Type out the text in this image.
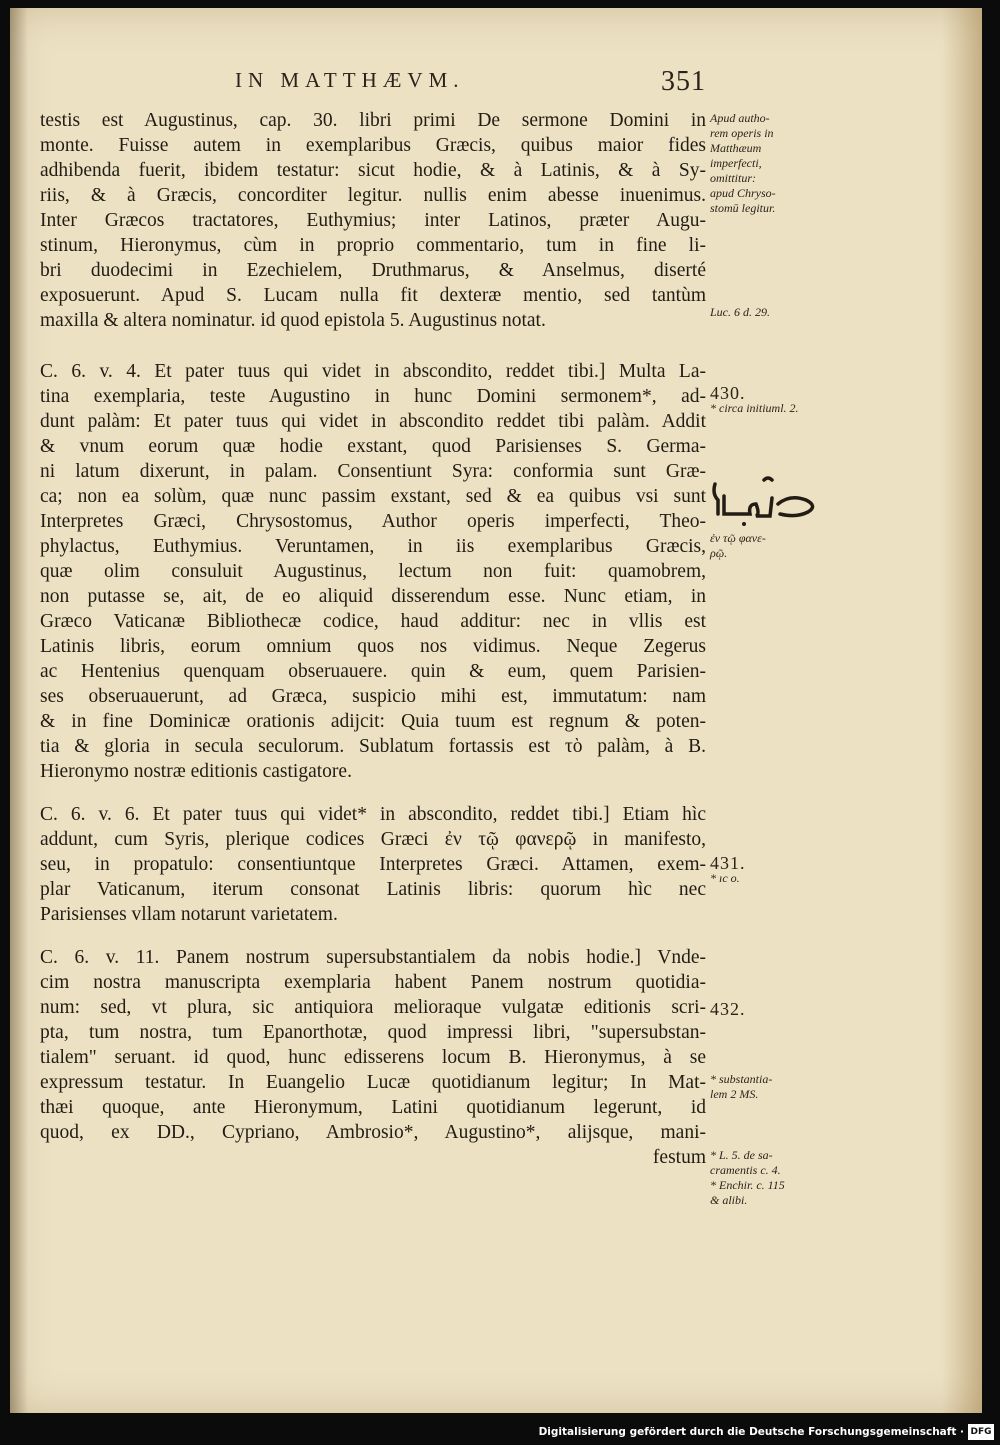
IN MATTHÆVM.	351
testis est Augustinus, cap. 30. libri primi De sermone Domini in
monte. Fuisse autem in exemplaribus Græcis, quibus maior fides
adhibenda fuerit, ibidem testatur: sicut hodie, & à Latinis, & à Sy-
riis, & à Græcis, concorditer legitur. nullis enim abesse inuenimus.
Inter Græcos tractatores, Euthymius; inter Latinos, præter Augu-
stinum, Hieronymus, cùm in proprio commentario, tum in fine li-
bri duodecimi in Ezechielem, Druthmarus, & Anselmus, diserté
exposuerunt. Apud S. Lucam nulla fit dexteræ mentio, sed tantùm
maxilla & altera nominatur. id quod epistola 5. Augustinus notat.
C. 6. v. 4. Et pater tuus qui videt in abscondito, reddet tibi.] Multa La-
tina exemplaria, teste Augustino in hunc Domini sermonem*, ad-
dunt palàm: Et pater tuus qui videt in abscondito reddet tibi palàm. Addit
& vnum eorum quæ hodie exstant, quod Parisienses S. Germa-
ni latum dixerunt, in palam. Consentiunt Syra: conformia sunt Græ-
ca; non ea solùm, quæ nunc passim exstant, sed & ea quibus vsi sunt
Interpretes Græci, Chrysostomus, Author operis imperfecti, Theo-
phylactus, Euthymius. Veruntamen, in iis exemplaribus Græcis,
quæ olim consuluit Augustinus, lectum non fuit: quamobrem,
non putasse se, ait, de eo aliquid disserendum esse. Nunc etiam, in
Græco Vaticanæ Bibliothecæ codice, haud additur: nec in vllis est
Latinis libris, eorum omnium quos nos vidimus. Neque Zegerus
ac Hentenius quenquam obseruauere. quin & eum, quem Parisien-
ses obseruauerunt, ad Græca, suspicio mihi est, immutatum: nam
& in fine Dominicæ orationis adijcit: Quia tuum est regnum & poten-
tia & gloria in secula seculorum. Sublatum fortassis est τὸ palàm, à B.
Hieronymo nostræ editionis castigatore.
C. 6. v. 6. Et pater tuus qui videt* in abscondito, reddet tibi.] Etiam hìc
addunt, cum Syris, plerique codices Græci ἐν τῷ φανερῷ in manifesto,
seu, in propatulo: consentiuntque Interpretes Græci. Attamen, exem-
plar Vaticanum, iterum consonat Latinis libris: quorum hìc nec
Parisienses vllam notarunt varietatem.
C. 6. v. 11. Panem nostrum supersubstantialem da nobis hodie.] Vnde-
cim nostra manuscripta exemplaria habent Panem nostrum quotidia-
num: sed, vt plura, sic antiquiora melioraque vulgatæ editionis scri-
pta, tum nostra, tum Epanorthotæ, quod impressi libri, "supersubstan-
tialem" seruant. id quod, hunc edisserens locum B. Hieronymus, à se
expressum testatur. In Euangelio Lucæ quotidianum legitur; In Mat-
thæi quoque, ante Hieronymum, Latini quotidianum legerunt, id
quod, ex DD., Cypriano, Ambrosio*, Augustino*, alijsque, mani-
festum
Apud autho-
rem operis in
Matthæum
imperfecti,
omittitur:
apud Chryso-
stomū legitur.
Luc. 6 d. 29.
430.
* circa initiuml. 2.
ἐν τῷ φανε-
ρῷ.
431.
* ıc o.
432.
* substantia-
lem 2 MS.
* L. 5. de sa-
cramentis c. 4.
* Enchir. c. 115
& alibi.
Digitalisierung gefördert durch die Deutsche Forschungsgemeinschaft · DFG
